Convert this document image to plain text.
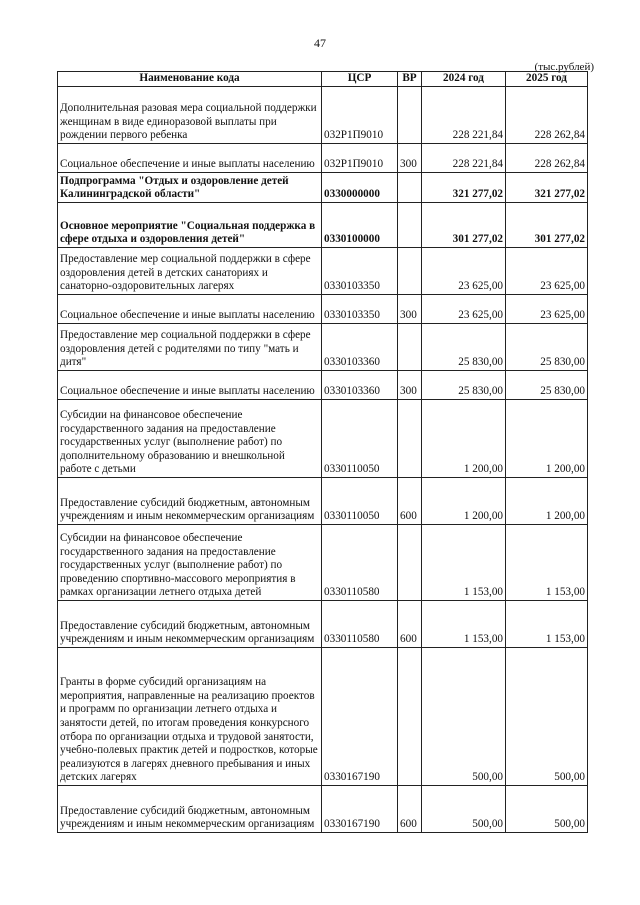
47
(тыс.рублей)
Наименование кода	ЦСР	ВР	2024 год	2025 год
Дополнительная разовая мера социальной поддержки женщинам в виде единоразовой выплаты при рождении первого ребенка	032Р1П9010		228 221,84	228 262,84
Социальное обеспечение и иные выплаты населению	032Р1П9010	300	228 221,84	228 262,84
Подпрограмма "Отдых и оздоровление детей Калининградской области"	0330000000		321 277,02	321 277,02
Основное мероприятие "Социальная поддержка в сфере отдыха и оздоровления детей"	0330100000		301 277,02	301 277,02
Предоставление мер социальной поддержки в сфере оздоровления детей в детских санаториях и санаторно-оздоровительных лагерях	0330103350		23 625,00	23 625,00
Социальное обеспечение и иные выплаты населению	0330103350	300	23 625,00	23 625,00
Предоставление мер социальной поддержки в сфере оздоровления детей с родителями по типу "мать и дитя"	0330103360		25 830,00	25 830,00
Социальное обеспечение и иные выплаты населению	0330103360	300	25 830,00	25 830,00
Субсидии на финансовое обеспечение государственного задания на предоставление государственных услуг (выполнение работ) по дополнительному образованию и внешкольной работе с детьми	0330110050		1 200,00	1 200,00
Предоставление субсидий бюджетным, автономным учреждениям и иным некоммерческим организациям	0330110050	600	1 200,00	1 200,00
Субсидии на финансовое обеспечение государственного задания на предоставление государственных услуг (выполнение работ) по проведению спортивно-массового мероприятия в рамках организации летнего отдыха детей	0330110580		1 153,00	1 153,00
Предоставление субсидий бюджетным, автономным учреждениям и иным некоммерческим организациям	0330110580	600	1 153,00	1 153,00
Гранты в форме субсидий организациям на мероприятия, направленные на реализацию проектов и программ по организации летнего отдыха и занятости детей, по итогам проведения конкурсного отбора по организации отдыха и трудовой занятости, учебно-полевых практик детей и подростков, которые реализуются в лагерях дневного пребывания и иных детских лагерях	0330167190		500,00	500,00
Предоставление субсидий бюджетным, автономным учреждениям и иным некоммерческим организациям	0330167190	600	500,00	500,00
